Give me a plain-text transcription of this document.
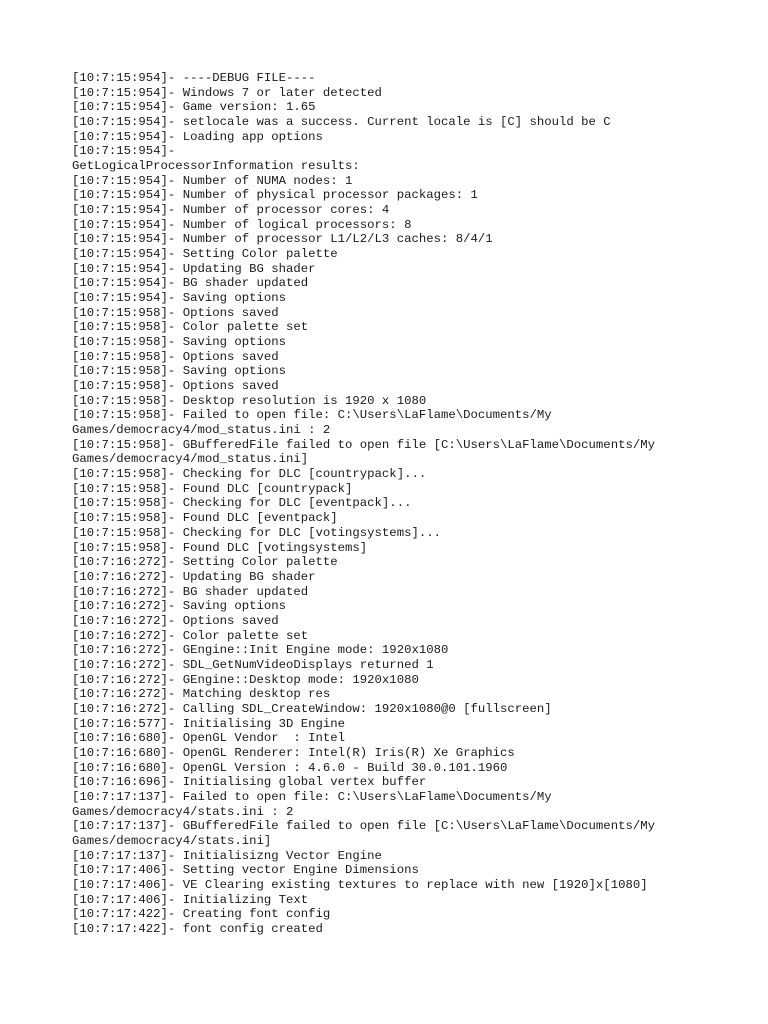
[10:7:15:954]- ----DEBUG FILE----
[10:7:15:954]- Windows 7 or later detected
[10:7:15:954]- Game version: 1.65
[10:7:15:954]- setlocale was a success. Current locale is [C] should be C
[10:7:15:954]- Loading app options
[10:7:15:954]-
GetLogicalProcessorInformation results:
[10:7:15:954]- Number of NUMA nodes: 1
[10:7:15:954]- Number of physical processor packages: 1
[10:7:15:954]- Number of processor cores: 4
[10:7:15:954]- Number of logical processors: 8
[10:7:15:954]- Number of processor L1/L2/L3 caches: 8/4/1
[10:7:15:954]- Setting Color palette
[10:7:15:954]- Updating BG shader
[10:7:15:954]- BG shader updated
[10:7:15:954]- Saving options
[10:7:15:958]- Options saved
[10:7:15:958]- Color palette set
[10:7:15:958]- Saving options
[10:7:15:958]- Options saved
[10:7:15:958]- Saving options
[10:7:15:958]- Options saved
[10:7:15:958]- Desktop resolution is 1920 x 1080
[10:7:15:958]- Failed to open file: C:\Users\LaFlame\Documents/My
Games/democracy4/mod_status.ini : 2
[10:7:15:958]- GBufferedFile failed to open file [C:\Users\LaFlame\Documents/My
Games/democracy4/mod_status.ini]
[10:7:15:958]- Checking for DLC [countrypack]...
[10:7:15:958]- Found DLC [countrypack]
[10:7:15:958]- Checking for DLC [eventpack]...
[10:7:15:958]- Found DLC [eventpack]
[10:7:15:958]- Checking for DLC [votingsystems]...
[10:7:15:958]- Found DLC [votingsystems]
[10:7:16:272]- Setting Color palette
[10:7:16:272]- Updating BG shader
[10:7:16:272]- BG shader updated
[10:7:16:272]- Saving options
[10:7:16:272]- Options saved
[10:7:16:272]- Color palette set
[10:7:16:272]- GEngine::Init Engine mode: 1920x1080
[10:7:16:272]- SDL_GetNumVideoDisplays returned 1
[10:7:16:272]- GEngine::Desktop mode: 1920x1080
[10:7:16:272]- Matching desktop res
[10:7:16:272]- Calling SDL_CreateWindow: 1920x1080@0 [fullscreen]
[10:7:16:577]- Initialising 3D Engine
[10:7:16:680]- OpenGL Vendor  : Intel
[10:7:16:680]- OpenGL Renderer: Intel(R) Iris(R) Xe Graphics
[10:7:16:680]- OpenGL Version : 4.6.0 - Build 30.0.101.1960
[10:7:16:696]- Initialising global vertex buffer
[10:7:17:137]- Failed to open file: C:\Users\LaFlame\Documents/My
Games/democracy4/stats.ini : 2
[10:7:17:137]- GBufferedFile failed to open file [C:\Users\LaFlame\Documents/My
Games/democracy4/stats.ini]
[10:7:17:137]- Initialisizng Vector Engine
[10:7:17:406]- Setting vector Engine Dimensions
[10:7:17:406]- VE Clearing existing textures to replace with new [1920]x[1080]
[10:7:17:406]- Initializing Text
[10:7:17:422]- Creating font config
[10:7:17:422]- font config created
